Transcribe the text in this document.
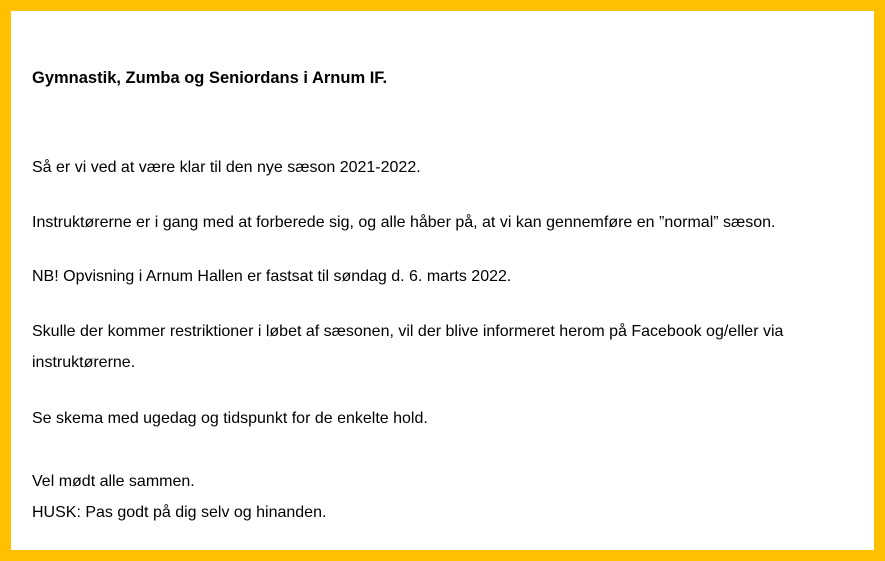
Gymnastik, Zumba og Seniordans i Arnum IF.

Så er vi ved at være klar til den nye sæson 2021-2022.

Instruktørerne er i gang med at forberede sig, og alle håber på, at vi kan gennemføre en ”normal” sæson.

NB! Opvisning i Arnum Hallen er fastsat til søndag d. 6. marts 2022.

Skulle der kommer restriktioner i løbet af sæsonen, vil der blive informeret herom på Facebook og/eller via

instruktørerne.

Se skema med ugedag og tidspunkt for de enkelte hold.

Vel mødt alle sammen.

HUSK: Pas godt på dig selv og hinanden.
